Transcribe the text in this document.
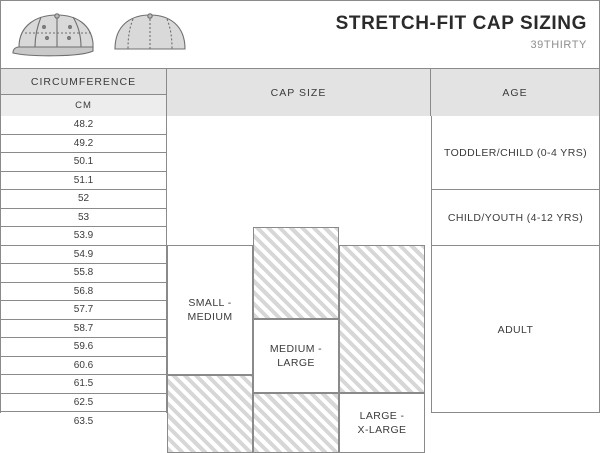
STRETCH-FIT CAP SIZING
39THIRTY
CIRCUMFERENCE
CM
CAP SIZE	AGE
48.2
49.2
50.1
51.1
52
53
53.9
54.9
55.8
56.8
57.7
58.7
59.6
60.6
61.5
62.5
63.5
SMALL -
MEDIUM
MEDIUM -
LARGE
LARGE -
X-LARGE
TODDLER/CHILD (0-4 YRS)
CHILD/YOUTH (4-12 YRS)
ADULT
